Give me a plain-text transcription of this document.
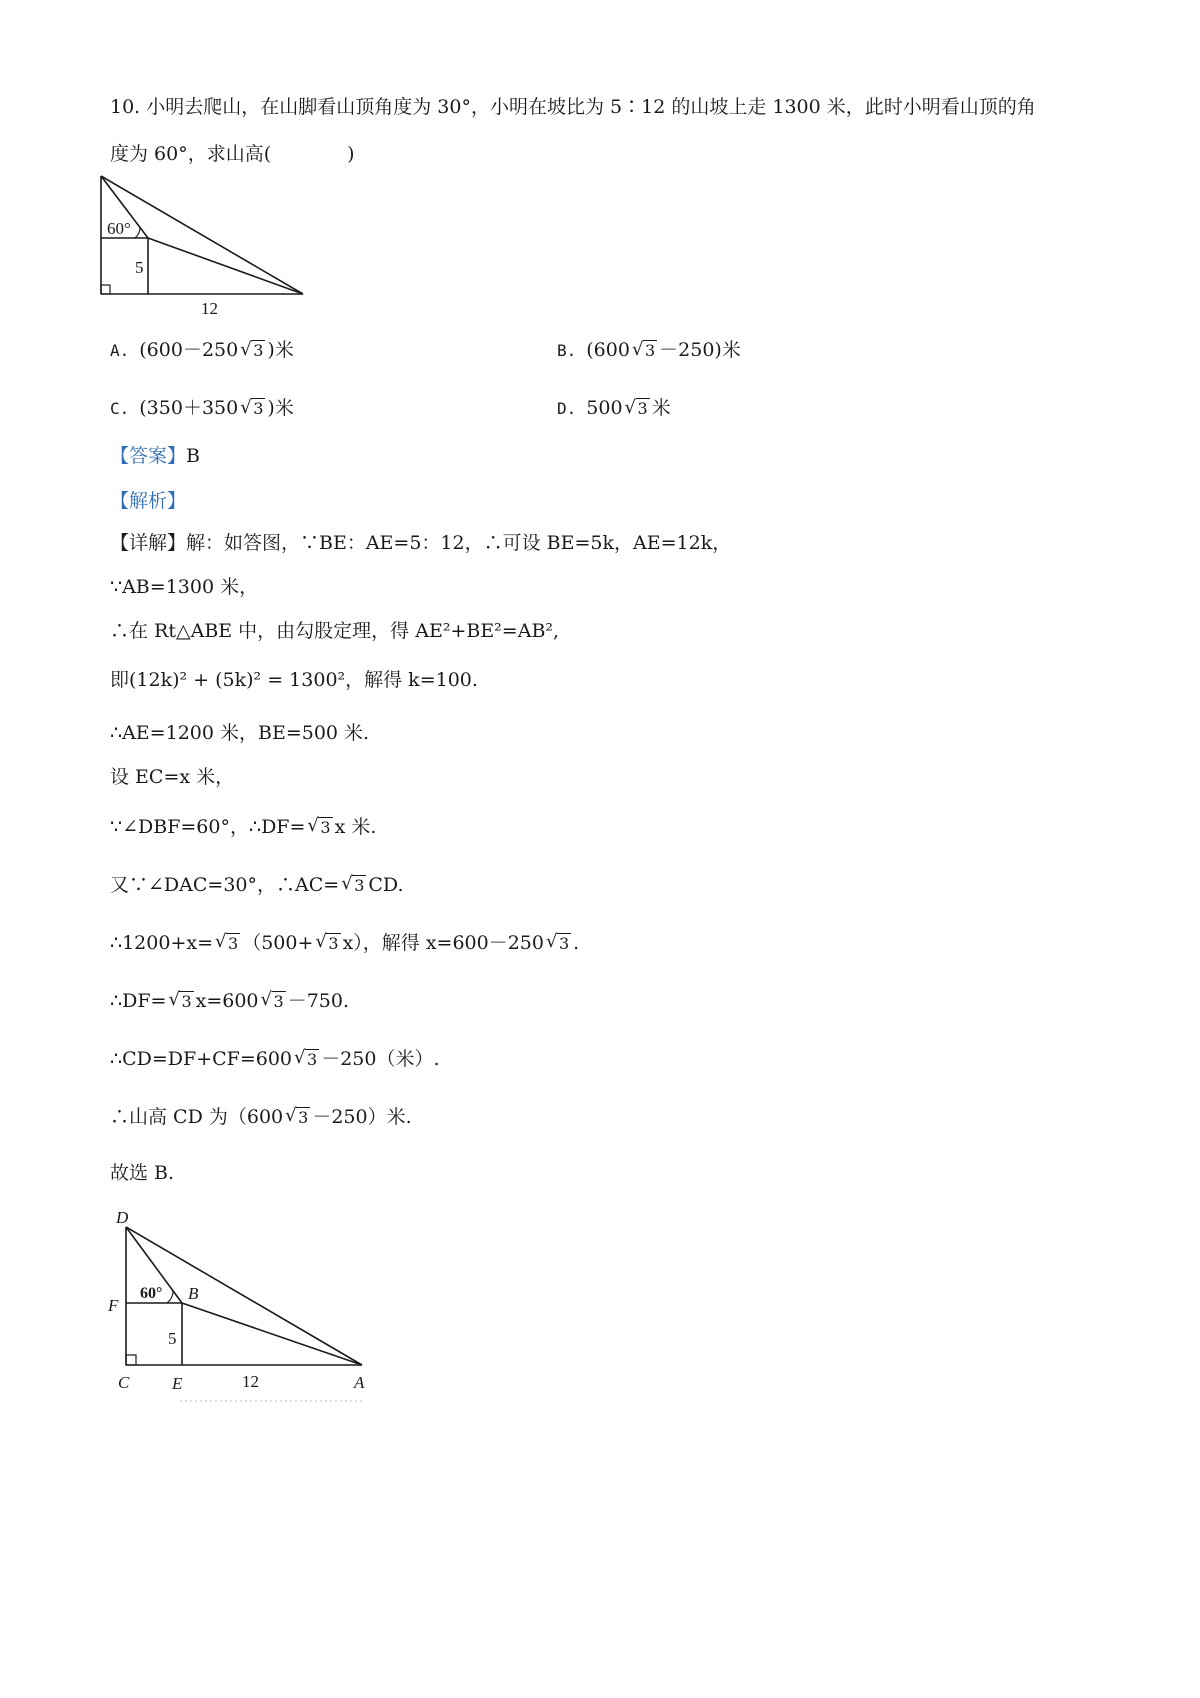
10. 小明去爬山，在山脚看山顶角度为 30°，小明在坡比为 5∶12 的山坡上走 1300 米，此时小明看山顶的角
度为 60°，求山高(　　　　)
60°
5
12
A. (600－250 √ 3 )米	B. (600 √ 3 －250)米
C. (350＋350 √ 3 )米	D. 500 √ 3 米
【答案】B
【解析】
【详解】解：如答图，∵BE：AE=5：12，∴可设 BE=5k，AE=12k，
∵AB=1300 米，
∴在 Rt△ABE 中，由勾股定理，得 AE²+BE²=AB²,
即(12k)² + (5k)² = 1300²，解得 k=100.
∴AE=1200 米，BE=500 米.
设 EC=x 米，
∵∠DBF=60°，∴DF= √ 3 x 米.
又∵∠DAC=30°，∴AC= √ 3 CD.
∴1200+x= √ 3 （500+ √ 3 x），解得 x=600－250 √ 3 .
∴DF= √ 3 x=600 √ 3 －750.
∴CD=DF+CF=600 √ 3 －250（米）.
∴山高 CD 为（600 √ 3 －250）米.
故选 B.
D
B
F
C	E	A
60°
5
12
